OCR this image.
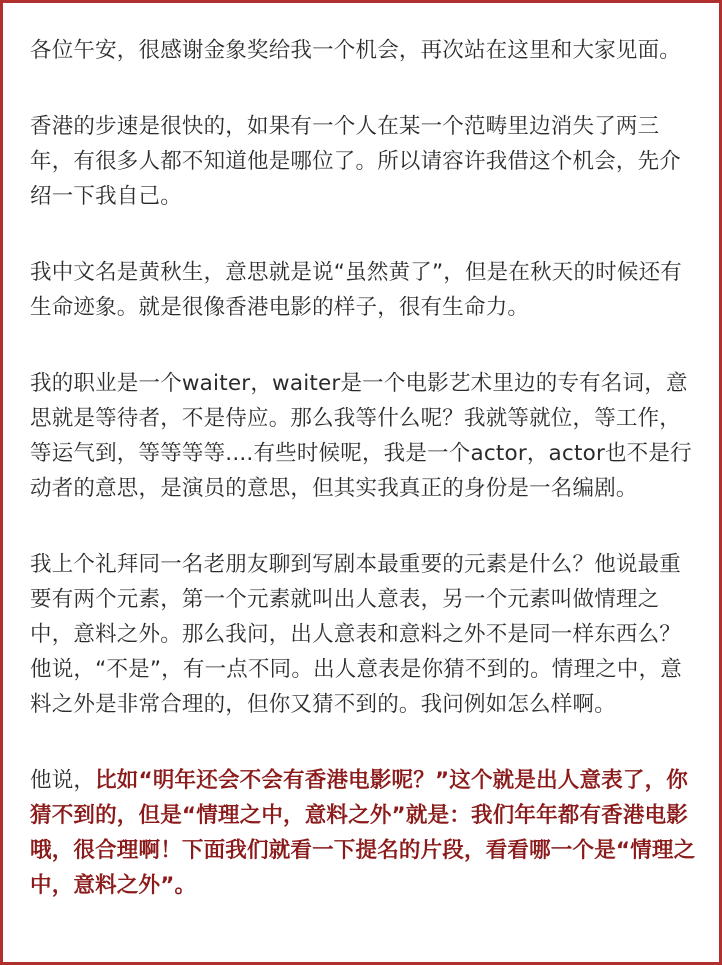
各位午安，很感谢金象奖给我一个机会，再次站在这里和大家见面。

香港的步速是很快的，如果有一个人在某一个范畴里边消失了两三年，有很多人都不知道他是哪位了。所以请容许我借这个机会，先介绍一下我自己。

我中文名是黄秋生，意思就是说“虽然黄了”，但是在秋天的时候还有生命迹象。就是很像香港电影的样子，很有生命力。

我的职业是一个waiter，waiter是一个电影艺术里边的专有名词，意思就是等待者，不是侍应。那么我等什么呢？我就等就位，等工作，等运气到，等等等等....有些时候呢，我是一个actor，actor也不是行动者的意思，是演员的意思，但其实我真正的身份是一名编剧。

我上个礼拜同一名老朋友聊到写剧本最重要的元素是什么？他说最重要有两个元素，第一个元素就叫出人意表，另一个元素叫做情理之中，意料之外。那么我问，出人意表和意料之外不是同一样东西么？他说，“不是”，有一点不同。出人意表是你猜不到的。情理之中，意料之外是非常合理的，但你又猜不到的。我问例如怎么样啊。

他说，比如“明年还会不会有香港电影呢？”这个就是出人意表了，你猜不到的，但是“情理之中，意料之外”就是：我们年年都有香港电影哦，很合理啊！下面我们就看一下提名的片段，看看哪一个是“情理之中，意料之外”。
